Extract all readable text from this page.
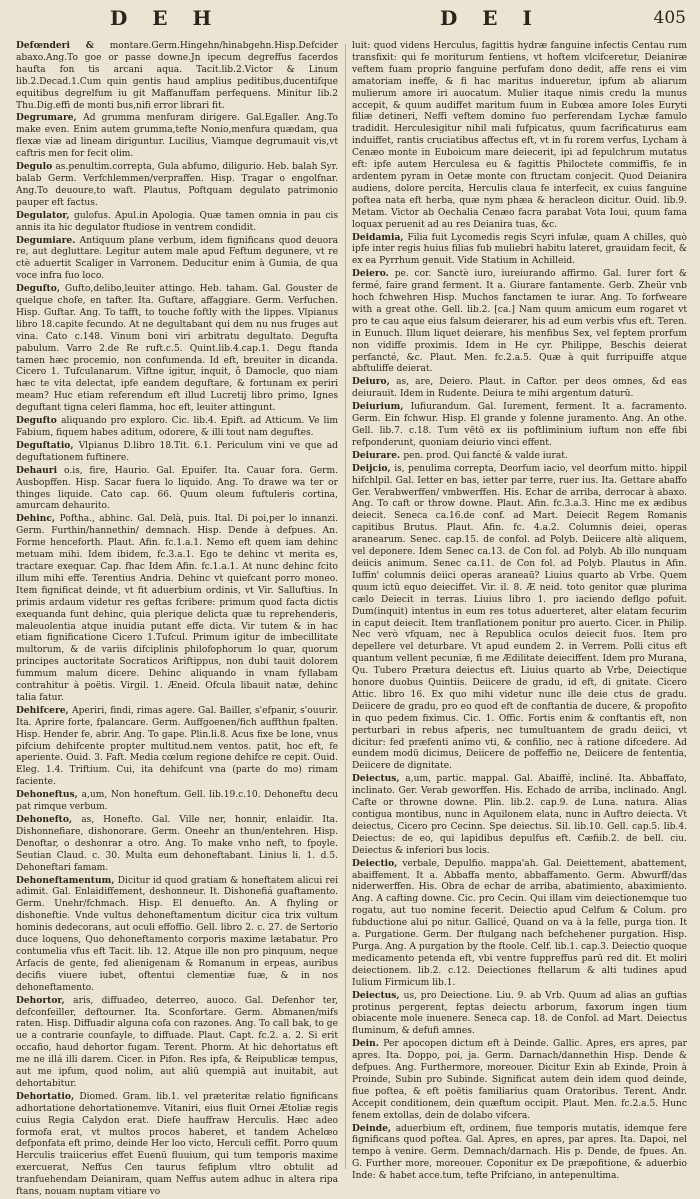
D E H	D E I	405

Defœnderi & montare.Germ.Hingehn/hinabgehn.Hisp.Defcider abaxo.Ang.To goe or passe downe.Jn ipecum degreffus facerdos haufta fon tis arcani aqua. Tacit.lib.2.Victor & Linum lib.2.Decad.1.Cum quin gentis haud amplius peditibus,ducentifque equitibus degrelfum iu git Maffanuffam perfequens. Minitur lib.2 Thu.Dig.effi de monti bus,nifi error librari fit.

Degrumare, Ad grumma menfuram dirigere. Gal.Egaller. Ang.To make even. Enim autem grumma,tefte Nonio,menfura quædam, qua flexæ viæ ad lineam diriguntur. Lucilius, Viamque degrumauit vis,vt caftris men for fecit olim.

Degulo as.penultim.correpta, Gula abfumo, diligurio. Heb. balah Syr. balab Germ. Verfchlemmen/verpraffen. Hisp. Tragar o engolfnar. Ang.To deuoure,to waft. Plautus, Poftquam degulato patrimonio pauper eft factus.

Degulator, gulofus. Apul.in Apologia. Quæ tamen omnia in pau cis annis ita hic degulator ftudiose in ventrem condidit.

Degumiare. Antiquum plane verbum, idem fignificans quod deuora re, aut degluttare. Legitur autem male apud Feftum degunere, vt re ctè aduertit Scaliger in Varronem. Deducitur enim à Gumia, de qua voce infra fuo loco.

Degufto, Gufto,delibo,leuiter attingo. Heb. taham. Gal. Gouster de quelque chofe, en tafter. Ita. Guftare, affaggiare. Germ. Verfuchen. Hisp. Guftar. Ang. To tafft, to touche foftly with the lippes. Vlpianus libro 18.capite fecundo. At ne degultabant qui dem nu nus fruges aut vina. Cato c.148. Vinum boni viri arbitratu degultato. Degufta pabulum. Varro 2.de Re ruft.c.5. Quint.lib.4.cap.1. Degu ftanda tamen hæc procemio, non confumenda. Id eft, breuiter in dicanda. Cicero 1. Tufculanarum. Viftne igitur, inquit, ô Damocle, quo niam hæc te vita delectat, ipfe eandem deguftare, & fortunam ex periri meam? Huc etiam referendum eft illud Lucretij libro primo, Ignes deguftant tigna celeri flamma, hoc eft, leuiter attingunt.

Degufto aliquando pro exploro. Cic. lib.4. Epift. ad Atticum. Ve lim Fabium, fiquem habes aditum, odorere, & illi tout nam deguftes.

Deguftatio, Vlpianus D.libro 18.Tit. 6.1. Periculum vini ve que ad deguftationem fuftinere.

Dehauri o.is, fire, Haurio. Gal. Epuifer. Ita. Cauar fora. Germ. Ausbopffen. Hisp. Sacar fuera lo liquido. Ang. To drawe wa ter or thinges liquide. Cato cap. 66. Quum oleum fuftuleris cortina, amurcam dehaurito.

Dehinc, Poftha., abhinc. Gal. Delà, puis. Ital. Di poi,per lo innanzi. Germ. Furthin/hannethin/ demnach. Hisp. Dende à defpues. An. Forme henceforth. Plaut. Afin. fc.1.a.1. Nemo eft quem iam dehinc metuam mihi. Idem ibidem, fc.3.a.1. Ego te dehinc vt merita es, tractare exequar. Cap. fhac Idem Afin. fc.1.a.1. At nunc dehinc fcito illum mihi effe. Terentius Andria. Dehinc vt quiefcant porro moneo. Item fignificat deinde, vt fit aduerbium ordinis, vt Vir. Salluftius. In primis ardaum videtur res geftas fcribere: primum quod facta dictis exequanda funt dehinc, quia plerique delicta quæ tu reprehenderis, maleuolentia atque inuidia putant effe dicta. Vir tutem & in hac etiam fignificatione Cicero 1.Tufcul. Primum igitur de imbecillitate multorum, & de variis difciplinis philofophorum lo quar, quorum principes auctoritate Socraticos Ariftippus, non dubi tauit dolorem fummum malum dicere. Dehinc aliquando in vnam fyllabam contrahitur à poëtis. Virgil. 1. Æneid. Ofcula libauit natæ, dehinc talia fatur.

Dehifcere, Aperiri, findi, rimas agere. Gal. Bailler, s'efpanir, s'ouurir. Ita. Aprire forte, fpalancare. Germ. Auffgoenen/fich auffthun fpalten. Hisp. Hender fe, abrir. Ang. To gape. Plin.li.8. Acus fixe be lone, vnus pifcium dehifcente propter multitud.nem ventos. patit, hoc eft, fe aperiente. Ouid. 3. Faft. Media cœlum regione dehifce re cepit. Ouid. Eleg. 1.4. Triftium. Cui, ita dehifcunt vna (parte do mo) rimam faciente.

Dehoneftus, a,um, Non honeftum. Gell. lib.19.c.10. Dehoneftu decu pat rimque verbum.

Dehonefto, as, Honefto. Gal. Ville ner, honnir, enlaidir. Ita. Dishonnefiare, dishonorare. Germ. Oneehr an thun/entehren. Hisp. Denoftar, o deshonrar a otro. Ang. To make vnho neft, to fpoyle. Seutian Claud. c. 30. Multa eum dehoneftabant. Linius li. 1. d.5. Dehoneftari famam.

Dehoneftamentum, Dicitur id quod gratiam & honeftatem alicui rei adimit. Gal. Enlaidiffement, deshonneur. It. Dishonefiá guaftamento. Germ. Unehr/fchmach. Hisp. El denuefto. An. A fhyling or dishoneftie. Vnde vultus dehoneftamentum dicitur cica trix vultum hominis dedecorans, aut oculi effoffio. Gell. libro 2. c. 27. de Sertorio duce loquens, Quo dehoneftamento corporis maxime lætabatur. Pro contumelia vfus eft Tacit. lib. 12. Atque ille non pro pinquum, neque Arfacis de gente, fed alienigenam & Romanum in erpeas, auribus decifis viuere iubet, oftentui clementiæ fuæ, & in nos dehoneftamento.

Dehortor, aris, diffuadeo, deterreo, auoco. Gal. Defenhor ter, defconfeiller, deftourner. Ita. Sconfortare. Germ. Abmanen/mifs raten. Hisp. Diffuadir alguna cofa con razones. Ang. To call bak, to ge ue a contrarie counfayle, to diffuade. Plaut. Capt. fc.2. a. 2. Si erit occafio, haud dehortor fugam. Terent. Phorm. At hic dehortatus eft me ne illá illi darem. Cicer. in Pifon. Res ipfa, & Reipublicæ tempus, aut me ipfum, quod nolim, aut aliū quempiā aut inuitabit, aut dehortabitur.

Dehortatio, Diomed. Gram. lib.1. vel præteritæ relatio fignificans adhortatione dehortationemve. Vitaniri, eius fluit Ornei Ætoliæ regis cuius Regia Calydon erat. Diefe hauffraw Herculis. Hæc adeo formofa erat, vt multos procos haberet, et tandem Achelœo defponfata eft primo, deinde Her loo victo, Herculi ceffit. Porro quum Herculis traiicerius effet Euenū fluuium, qui tum temporis maxime exercuerat, Neffus Cen taurus fefiplum vltro obtulit ad tranfuehendam Deianiram, quam Neffus autem adhuc in altera ripa ftans, nouam nuptam vitiare vo

luit: quod videns Herculus, fagittis hydræ fanguine infectis Centau rum transfixit: qui fe moriturum fentiens, vt hoftem vlcifceretur, Deianiræ veftem fuam proprio fanguine perfufam dono dedit, affe rens ei vim amatoriam ineffe, & fi hac maritus indueretur, ipfum ab aliarum mulierum amore iri auocatum. Mulier itaque nimis credu la munus accepit, & quum audiffet maritum fuum in Eubœa amore Ioles Euryti filiæ detineri, Neffi veftem domino fuo perferendam Lychæ famulo tradidit. Herculesigitur nihil mali fufpicatus, quum facrificaturus eam induiffet, rantis cruciatibus affectus eft, vt in fu rorem verfus, Lycham à Cenæo monte in Euboicum mare deiecerit, ipi ad fepulchrum mutatus eft: ipfe autem Herculesa eu & fagittis Philoctete commiffis, fe in ardentem pyram in Oetæ monte con ftructam conjecit. Quod Deianira audiens, dolore percita, Herculis claua fe interfecit, ex cuius fanguine poftea nata eft herba, quæ nym phæa & heracleon dicitur. Ouid. lib.9. Metam. Victor ab Oechalia Cenæo facra parabat Vota Ioui, quum fama loquax peruenit ad au res Deianira tuas, &c.

Deidamia, Filia fuit Lycomedis regis Scyri infulæ, quam A chilles, quò ipfe inter regis huius filias fub muliebri habitu lateret, grauidam fecit, & ex ea Pyrrhum genuit. Vide Statium in Achilleid.

Deiero. pe. cor. Sanctè iuro, iureiurando affirmo. Gal. Iurer fort & fermé, faire grand ferment. It a. Giurare fantamente. Gerb. Zheür vnb hoch fchwehren Hisp. Muchos fanctamen te iurar. Ang. To forfweare with a great othe. Gell. lib.2. [ca.] Nam quum amicum eum rogaret vt pro te cau aque eius falsum deierarer, his ad eum verbis vfus eft. Teren. in Eunuch. Illum liquet deierare, his menfibus Sex, vel feptem prorfum non vidiffe proximis. Idem in He cyr. Philippe, Beschis deierat perfancté, &c. Plaut. Men. fc.2.a.5. Quæ à quit furripuiffe atque abftuliffe deierat.

Deiuro, as, are, Deiero. Plaut. in Caftor. per deos omnes, &d eas deiurauit. Idem in Rudente. Deiura te mihi argentum daturū.

Deiurium, Iufiurandum. Gal. Iurement, ferment. It a. facramento. Germ. Ein fchwur. Hisp. El grande y folenne juramento. Ang. An othe. Gell. lib.7. c.18. Tum vētō ex iis poftliminium iuftum non effe fibi refponderunt, quoniam deiurio vinci effent.

Deiurare. pen. prod. Qui fancté & valde iurat.

Deijcio, is, penulima correpta, Deorfum iacio, vel deorfum mitto. hippil hifchlpil. Gal. Ietter en bas, ietter par terre, ruer ius. Ita. Gettare abaffo Ger. Verabwerffen/ vmbwerffen. His. Echar de arriba, derrocar à abaxo. Ang. To caft or throw downe. Plaut. Afin. fc.3.a.3. Hinc me ex ædibus deiecit. Seneca ca.16.de conf. ad Mart. Deiecit Regem Romanis capitibus Brutus. Plaut. Afin. fc. 4.a.2. Columnis deiei, operas aranearum. Senec. cap.15. de confol. ad Polyb. Deiicere altè aliquem, vel deponere. Idem Senec ca.13. de Con fol. ad Polyb. Ab illo nunquam deiicis animum. Senec ca.11. de Con fol. ad Polyb. Plautus in Afin. Iuffin' columnis deiici operas araneaū? Liuius quarto ab Vrbe. Quem quum ictū equo deieciffet. Vir. il. 8. Æ neid. toto genitor quæ plurima cælo Deiecit in terras. Liuius libro 1. pro iaciendo deflgo pofuit. Dum(inquit) intentus in eum res totus aduerteret, alter elatam fecurim in caput deiecit. Item tranflationem ponitur pro auerto. Cicer. in Philip. Nec verò vfquam, nec à Republica oculos deiecit fuos. Item pro depellere vel deturbare. Vt apud eundem 2. in Verrem. Polli citus eft quantum vellent pecuniæ, fi me Ædilitate deieciffent. Idem pro Murana, Qu. Tubero Prætura deiectus eft. Liuius quarto ab Vrbe, Deiectique honore duobus Quintiis. Deiicere de gradu, id eft, di gnitate. Cicero Attic. libro 16. Ex quo mihi videtur nunc ille deie ctus de gradu. Deiicere de gradu, pro eo quod eft de conftantia de ducere, & propofito in quo pedem fiximus. Cic. 1. Offic. Fortis enim & conftantis eft, non perturbari in rebus afperis, nec tumultuantem de gradu deiici, vt dicitur: fed præfenti animo vti, & confilio, nec à ratione difcedere. Ad eundem modū dicimus, Deiicere de poffeffio ne, Deiicere de fententia, Deiicere de dignitate.

Deiectus, a,um, partic. mappal. Gal. Abaiffé, incliné. Ita. Abbaffato, inclinato. Ger. Verab geworffen. His. Echado de arriba, inclinado. Angl. Cafte or throwne downe. Plin. lib.2. cap.9. de Luna. natura. Alias contigua montibus, nunc in Aquilonem elata, nunc in Auftro deiecta. Vt deiectus, Cicero pro Cecinn. Spe deiectus. Sil. lib.10. Gell. cap.5. lib.4. Deiectus: de eo, qui lapidibus depulfus eft. Cæfiib.2. de bell. ciu. Deiectus & inferiori bus locis.

Deiectio, verbale, Depulfio. mappa'ah. Gal. Deiettement, abattement, abaiffement. It a. Abbaffa mento, abbaffamento. Germ. Abwurff/das niderwerffen. His. Obra de echar de arriba, abatimiento, abaximiento. Ang. A cafting downe. Cic. pro Cecin. Qui illam vim deiectionemque tuo rogatu, aut tuo nomine fecerit. Deiectio apud Celfum & Colum. pro fubductione alui po nitur. Gallicé, Quand on va à la felle, purga tion. It a. Purgatione. Germ. Der ftulgang nach befchehener purgation. Hisp. Purga. Ang. A purgation by the ftoole. Celf. lib.1. cap.3. Deiectio quoque medicamento petenda eft, vbi ventre fuppreffus parū red dit. Et moliri deiectionem. lib.2. c.12. Deiectiones ftellarum & alti tudines apud Iulium Firmicum lib.1.

Deiectus, us, pro Deiectione. Liu. 9. ab Vrb. Quum ad alias an guftias protinus pergerent, feptas deiectu arborum, faxorum ingen tium obiacente mole inuenere. Seneca cap. 18. de Confol. ad Mart. Deiectus fluminum, & defufi amnes.

Dein. Per apocopen dictum eft à Deinde. Gallic. Apres, ers apres, par apres. Ita. Doppo, poi, ja. Germ. Darnach/dannethin Hisp. Dende & defpues. Ang. Furthermore, moreouer. Dicitur Exin ab Exinde, Proin à Proinde, Subin pro Subinde. Significat autem dein idem quod deinde, fiue poftea, & eft poëtis familiarius quam Oratoribus. Terent. Andr. Accepit conditionem, dein quæftum occipit. Plaut. Men. fc.2.a.5. Hunc fenem extollas, dein de dolabo vifcera.

Deinde, aduerbium eft, ordinem, fiue temporis mutatis, idemque fere fignificans quod poftea. Gal. Apres, en apres, par apres. Ita. Dapoi, nel tempo à venire. Germ. Demnach/darnach. His p. Dende, de fpues. An. G. Further more, moreouer. Coponitur ex De præpofitione, & aduerbio Inde: & habet acce.tum, tefte Prifciano, in antepenultima.
